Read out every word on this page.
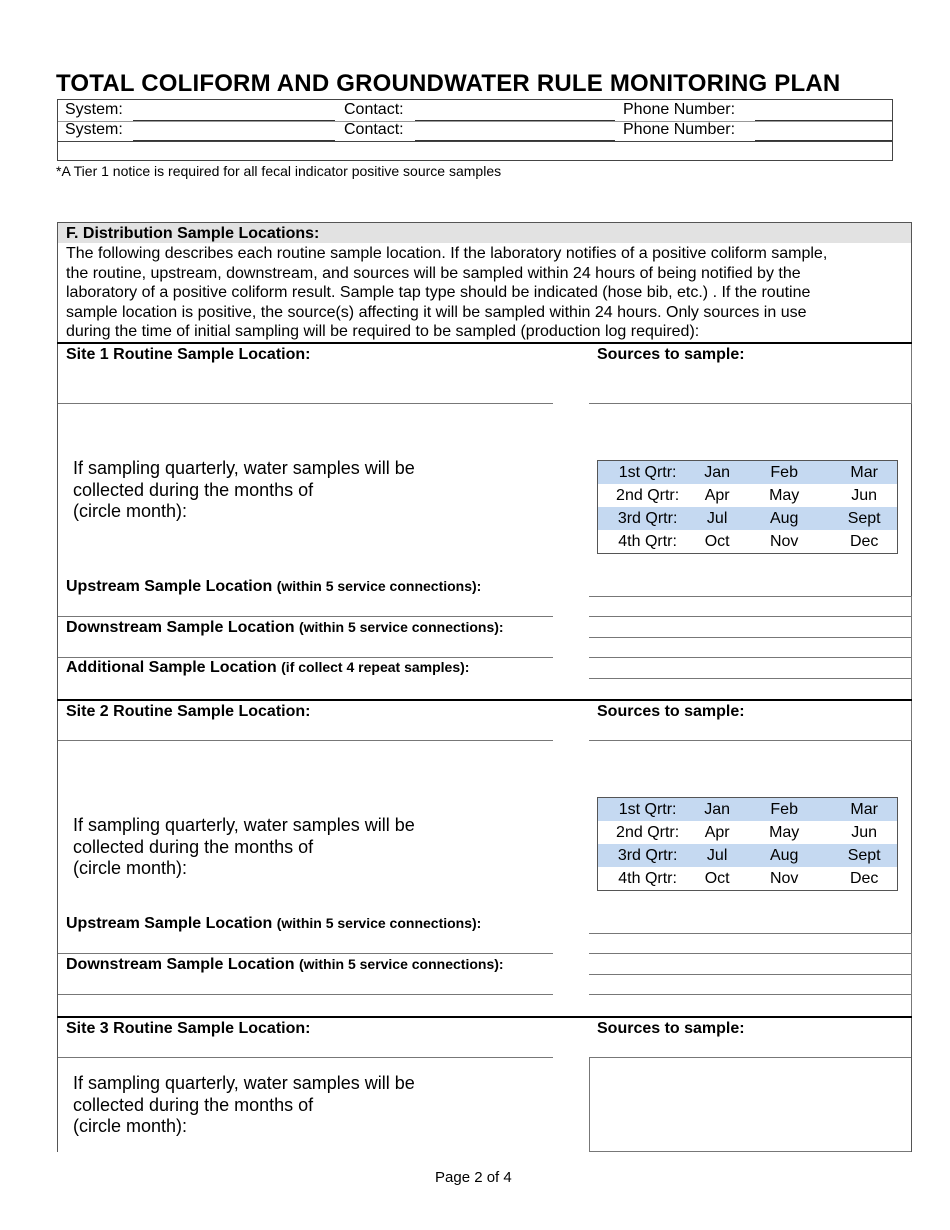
TOTAL COLIFORM AND GROUNDWATER RULE MONITORING PLAN
System:	Contact:	Phone Number:
System:	Contact:	Phone Number:
*A Tier 1 notice is required for all fecal indicator positive source samples
F. Distribution Sample Locations:
The following describes each routine sample location. If the laboratory notifies of a positive coliform sample,
the routine, upstream, downstream, and sources will be sampled within 24 hours of being notified by the
laboratory of a positive coliform result. Sample tap type should be indicated (hose bib, etc.) . If the routine
sample location is positive, the source(s) affecting it will be sampled within 24 hours. Only sources in use
during the time of initial sampling will be required to be sampled (production log required):
Site 1 Routine Sample Location:	Sources to sample:
If sampling quarterly, water samples will be
collected during the months of
(circle month):
1st Qrtr:	Jan	Feb	Mar
2nd Qrtr:	Apr	May	Jun
3rd Qrtr:	Jul	Aug	Sept
4th Qrtr:	Oct	Nov	Dec
Upstream Sample Location (within 5 service connections):
Downstream Sample Location (within 5 service connections):
Additional Sample Location (if collect 4 repeat samples):
Site 2 Routine Sample Location:	Sources to sample:
If sampling quarterly, water samples will be
collected during the months of
(circle month):
1st Qrtr:	Jan	Feb	Mar
2nd Qrtr:	Apr	May	Jun
3rd Qrtr:	Jul	Aug	Sept
4th Qrtr:	Oct	Nov	Dec
Upstream Sample Location (within 5 service connections):
Downstream Sample Location (within 5 service connections):
Site 3 Routine Sample Location:	Sources to sample:
If sampling quarterly, water samples will be
collected during the months of
(circle month):
Page 2 of 4
